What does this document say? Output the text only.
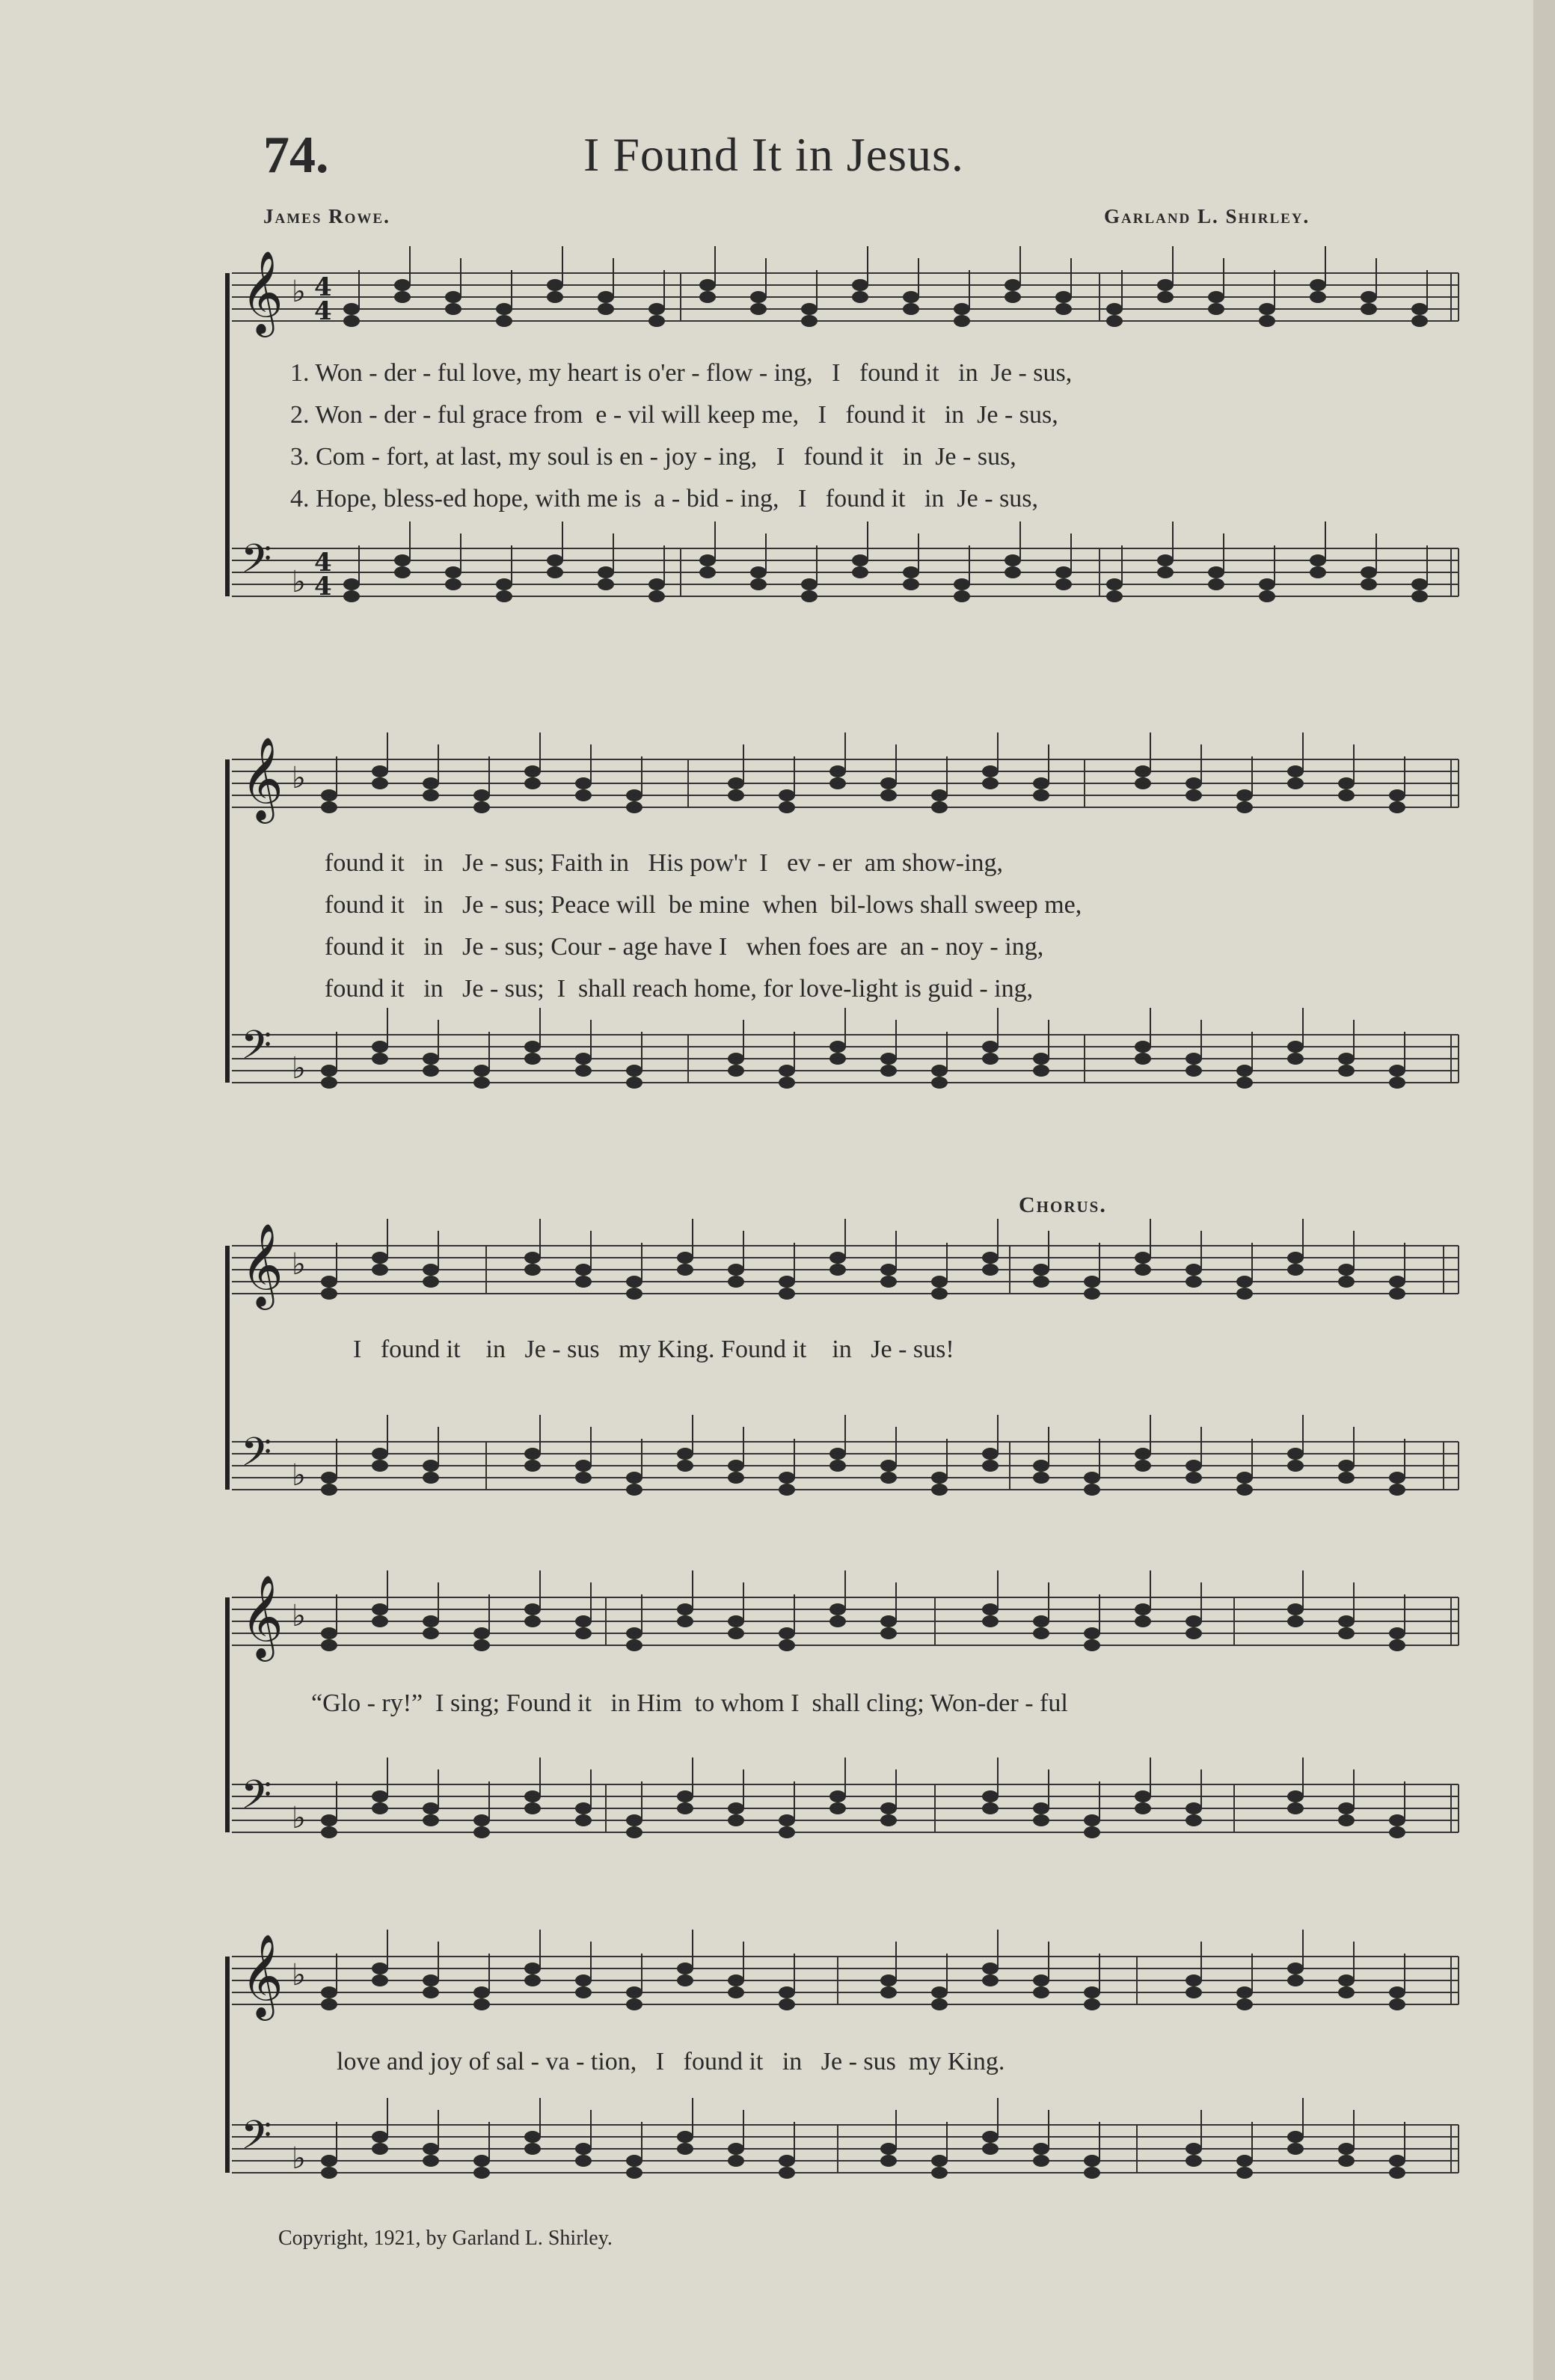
74.	I Found It in Jesus.
James Rowe.	Garland L. Shirley.
𝄞 ♭ 4
4
𝄢 ♭
4
4
1. Won - der - ful love, my heart is o'er - flow - ing,   I   found it   in  Je - sus,
2. Won - der - ful grace from  e - vil will keep me,   I   found it   in  Je - sus,
3. Com - fort, at last, my soul is en - joy - ing,   I   found it   in  Je - sus,
4. Hope, bless-ed hope, with me is  a - bid - ing,   I   found it   in  Je - sus,
𝄞 ♭
𝄢 ♭
found it   in   Je - sus; Faith in   His pow'r  I   ev - er  am show-ing,
found it   in   Je - sus; Peace will  be mine  when  bil-lows shall sweep me,
found it   in   Je - sus; Cour - age have I   when foes are  an - noy - ing,
found it   in   Je - sus;  I  shall reach home, for love-light is guid - ing,
𝄞 ♭
𝄢 ♭
I   found it    in   Je - sus   my King. Found it    in   Je - sus!
Chorus.
𝄞 ♭
𝄢 ♭
“Glo - ry!”  I sing; Found it   in Him  to whom I  shall cling; Won-der - ful
𝄞 ♭
𝄢 ♭
love and joy of sal - va - tion,   I   found it   in   Je - sus  my King.
Copyright, 1921, by Garland L. Shirley.
